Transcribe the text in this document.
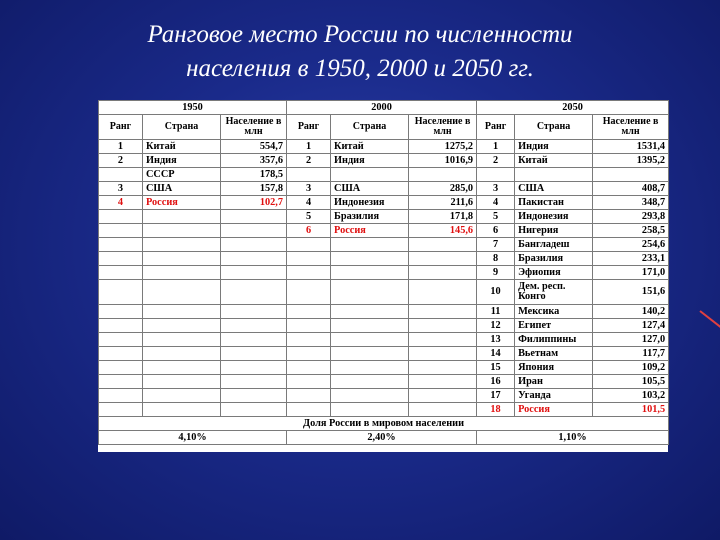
Ранговое место России по численности
населения в 1950, 2000 и 2050 гг.
1950			2000			2050		
Ранг	Страна	Население в млн	Ранг	Страна	Население в млн	Ранг	Страна	Население в млн
1	Китай	554,7	1	Китай	1275,2	1	Индия	1531,4
2	Индия	357,6	2	Индия	1016,9	2	Китай	1395,2
	СССР	178,5						
3	США	157,8	3	США	285,0	3	США	408,7
4	Россия	102,7	4	Индонезия	211,6	4	Пакистан	348,7
			5	Бразилия	171,8	5	Индонезия	293,8
			6	Россия	145,6	6	Нигерия	258,5
						7	Бангладеш	254,6
						8	Бразилия	233,1
						9	Эфиопия	171,0
						10	Дем. респ. Конго	151,6
						11	Мексика	140,2
						12	Египет	127,4
						13	Филиппины	127,0
						14	Вьетнам	117,7
						15	Япония	109,2
						16	Иран	105,5
						17	Уганда	103,2
						18	Россия	101,5
Доля России в мировом населении								
4,10%			2,40%			1,10%		
